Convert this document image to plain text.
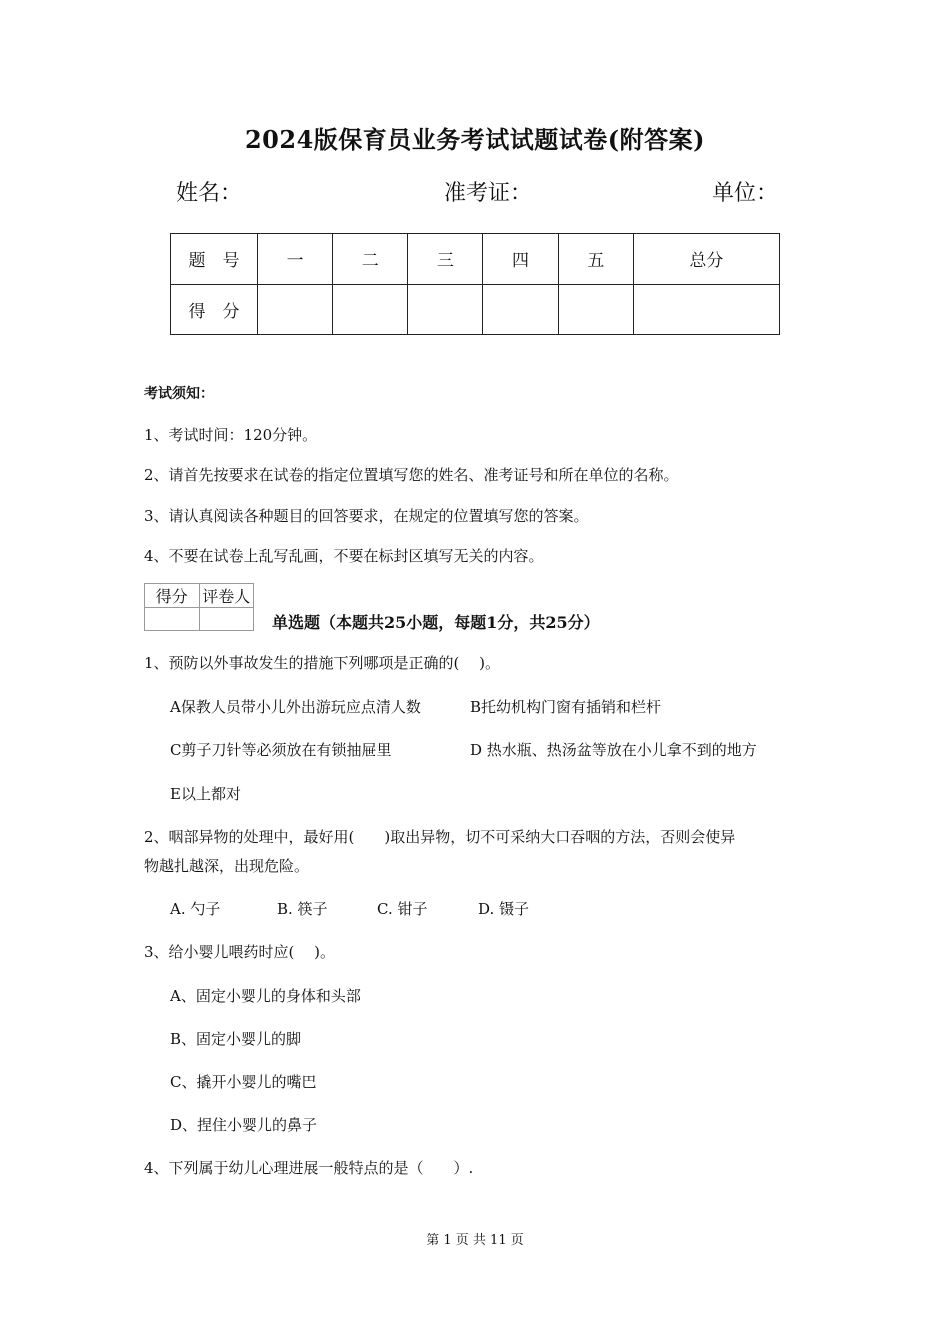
2024版保育员业务考试试题试卷(附答案)
姓名：	准考证：	单位：
题　号	一	二	三	四	五	总分
得　分						
考试须知：
1、考试时间：120分钟。
2、请首先按要求在试卷的指定位置填写您的姓名、准考证号和所在单位的名称。
3、请认真阅读各种题目的回答要求，在规定的位置填写您的答案。
4、不要在试卷上乱写乱画，不要在标封区填写无关的内容。
得分	评卷人

单选题（本题共25小题，每题1分，共25分）
1、预防以外事故发生的措施下列哪项是正确的(　 )。
A保教人员带小儿外出游玩应点清人数	B托幼机构门窗有插销和栏杆
C剪子刀针等必须放在有锁抽屉里	D 热水瓶、热汤盆等放在小儿拿不到的地方
E以上都对
2、咽部异物的处理中，最好用(　　)取出异物，切不可采纳大口吞咽的方法，否则会使异
物越扎越深，出现危险。
A. 勺子	B. 筷子	C. 钳子	D. 镊子
3、给小婴儿喂药时应(　 )。
A、固定小婴儿的身体和头部
B、固定小婴儿的脚
C、撬开小婴儿的嘴巴
D、捏住小婴儿的鼻子
4、下列属于幼儿心理进展一般特点的是（　　）.
第 1 页 共 11 页
